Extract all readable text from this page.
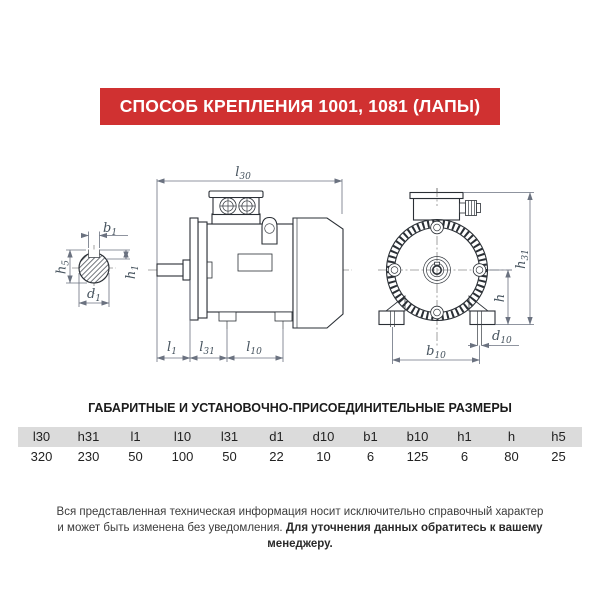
СПОСОБ КРЕПЛЕНИЯ 1001, 1081 (ЛАПЫ)
$b_1$
$h_5$
$h_1$
$d_1$
$l_{30}$
$l_1$ $l_{31}$ $l_{10}$
$h_{31}$
h
$d_{10}$
$b_{10}$
ГАБАРИТНЫЕ И УСТАНОВОЧНО-ПРИСОЕДИНИТЕЛЬНЫЕ РАЗМЕРЫ
l30	h31	l1	l10	l31	d1	d10	b1	b10	h1	h	h5
320	230	50	100	50	22	10	6	125	6	80	25
Вся представленная техническая информация носит исключительно справочный характер
и может быть изменена без уведомления. Для уточнения данных обратитесь к вашему менеджеру.
